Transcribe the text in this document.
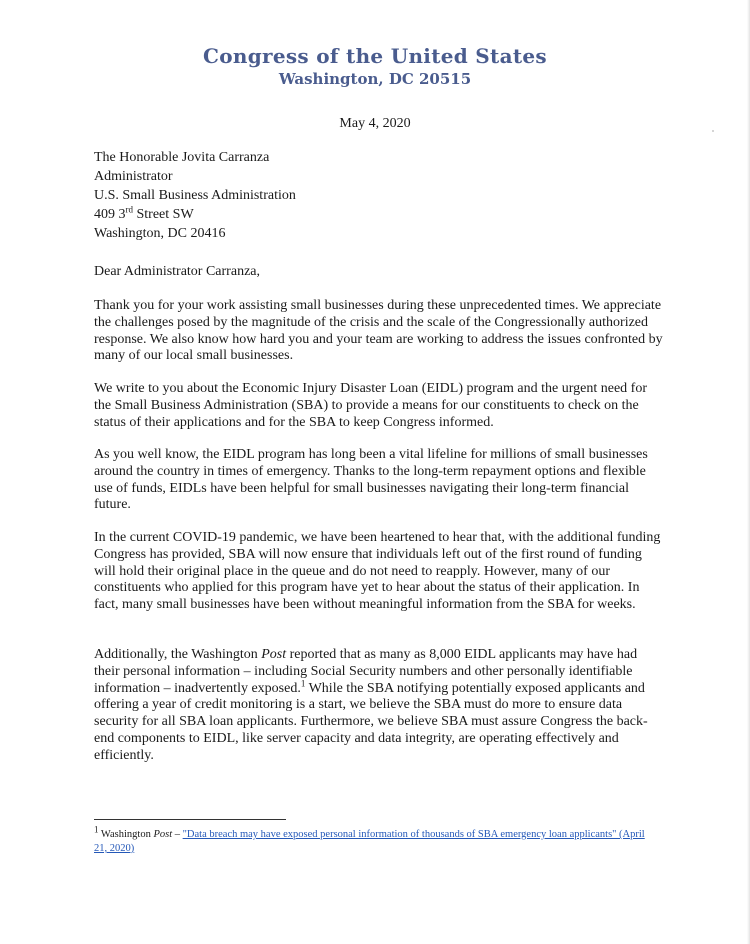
Congress of the United States
Washington, DC 20515
May 4, 2020
The Honorable Jovita Carranza
Administrator
U.S. Small Business Administration
409 3rd Street SW
Washington, DC 20416
Dear Administrator Carranza,

Thank you for your work assisting small businesses during these unprecedented times. We appreciate the challenges posed by the magnitude of the crisis and the scale of the Congressionally authorized response. We also know how hard you and your team are working to address the issues confronted by many of our local small businesses.

We write to you about the Economic Injury Disaster Loan (EIDL) program and the urgent need for the Small Business Administration (SBA) to provide a means for our constituents to check on the status of their applications and for the SBA to keep Congress informed.

As you well know, the EIDL program has long been a vital lifeline for millions of small businesses around the country in times of emergency. Thanks to the long-term repayment options and flexible use of funds, EIDLs have been helpful for small businesses navigating their long-term financial future.

In the current COVID-19 pandemic, we have been heartened to hear that, with the additional funding Congress has provided, SBA will now ensure that individuals left out of the first round of funding will hold their original place in the queue and do not need to reapply. However, many of our constituents who applied for this program have yet to hear about the status of their application. In fact, many small businesses have been without meaningful information from the SBA for weeks.

Additionally, the Washington Post reported that as many as 8,000 EIDL applicants may have had their personal information – including Social Security numbers and other personally identifiable information – inadvertently exposed.$^1$ While the SBA notifying potentially exposed applicants and offering a year of credit monitoring is a start, we believe the SBA must do more to ensure data security for all SBA loan applicants. Furthermore, we believe SBA must assure Congress the back-end components to EIDL, like server capacity and data integrity, are operating effectively and efficiently.

$^1$ Washington Post – "Data breach may have exposed personal information of thousands of SBA emergency loan applicants" (April 21, 2020)
